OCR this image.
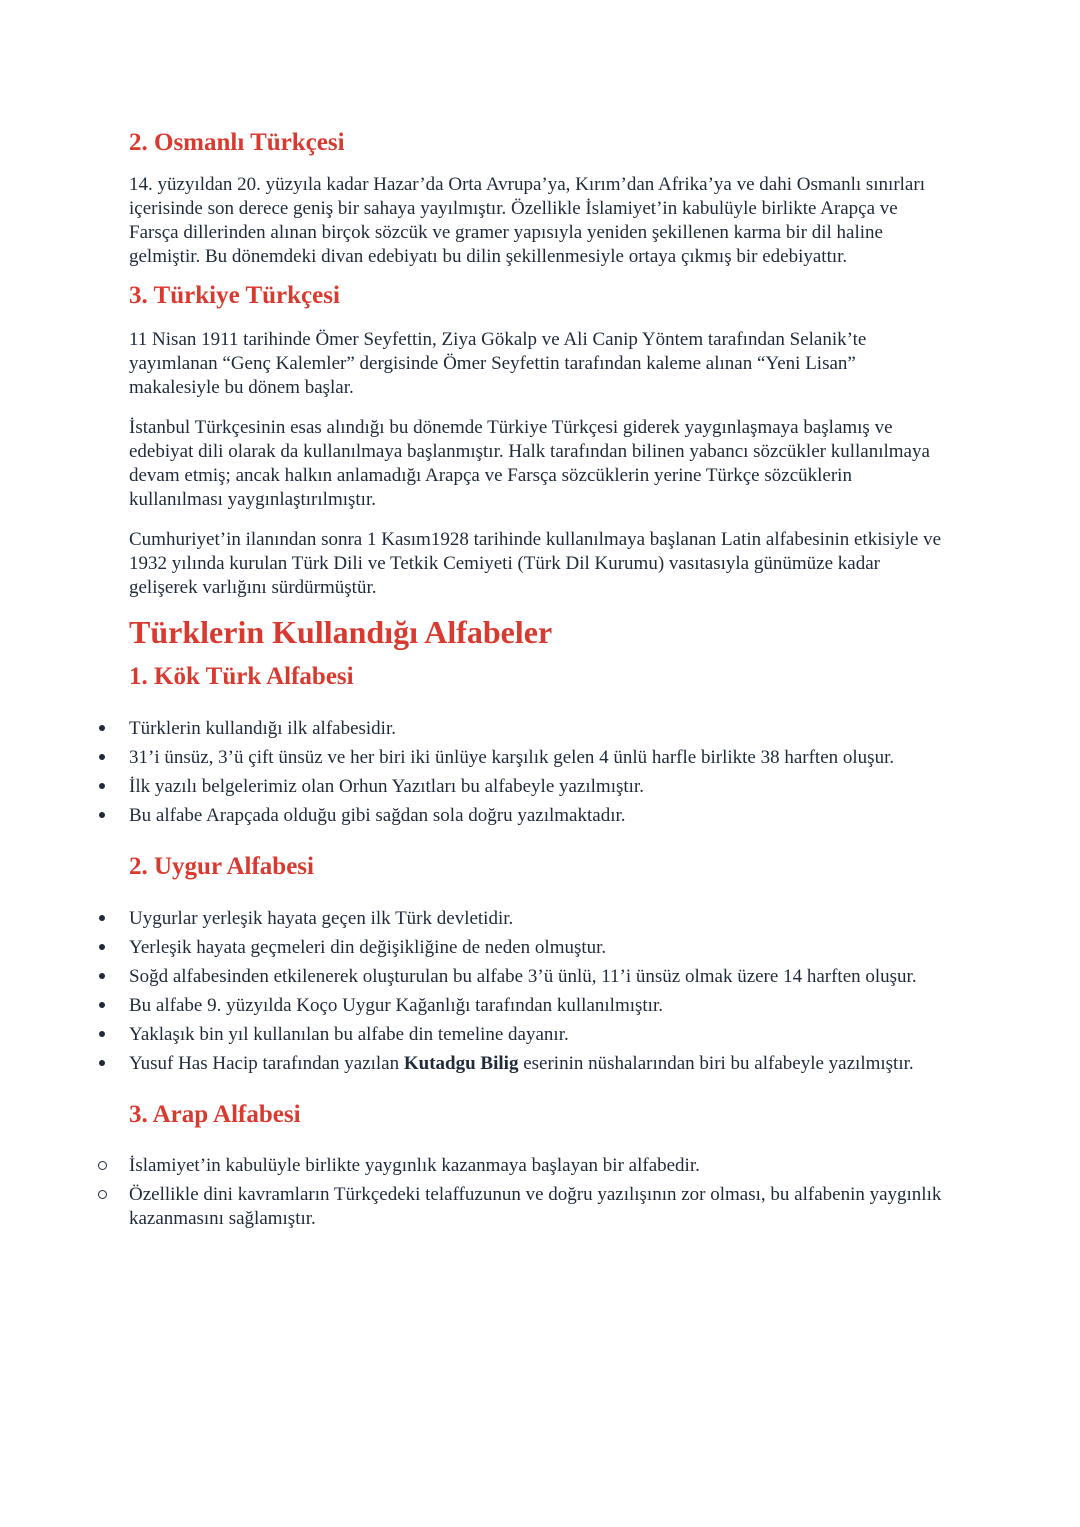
2. Osmanlı Türkçesi

14. yüzyıldan 20. yüzyıla kadar Hazar’da Orta Avrupa’ya, Kırım’dan Afrika’ya ve dahi Osmanlı sınırları içerisinde son derece geniş bir sahaya yayılmıştır. Özellikle İslamiyet’in kabulüyle birlikte Arapça ve Farsça dillerinden alınan birçok sözcük ve gramer yapısıyla yeniden şekillenen karma bir dil haline gelmiştir. Bu dönemdeki divan edebiyatı bu dilin şekillenmesiyle ortaya çıkmış bir edebiyattır.

3. Türkiye Türkçesi

11 Nisan 1911 tarihinde Ömer Seyfettin, Ziya Gökalp ve Ali Canip Yöntem tarafından Selanik’te yayımlanan “Genç Kalemler” dergisinde Ömer Seyfettin tarafından kaleme alınan “Yeni Lisan” makalesiyle bu dönem başlar.

İstanbul Türkçesinin esas alındığı bu dönemde Türkiye Türkçesi giderek yaygınlaşmaya başlamış ve edebiyat dili olarak da kullanılmaya başlanmıştır. Halk tarafından bilinen yabancı sözcükler kullanılmaya devam etmiş; ancak halkın anlamadığı Arapça ve Farsça sözcüklerin yerine Türkçe sözcüklerin kullanılması yaygınlaştırılmıştır.

Cumhuriyet’in ilanından sonra 1 Kasım1928 tarihinde kullanılmaya başlanan Latin alfabesinin etkisiyle ve 1932 yılında kurulan Türk Dili ve Tetkik Cemiyeti (Türk Dil Kurumu) vasıtasıyla günümüze kadar gelişerek varlığını sürdürmüştür.

Türklerin Kullandığı Alfabeler
1. Kök Türk Alfabesi
Türklerin kullandığı ilk alfabesidir.
31’i ünsüz, 3’ü çift ünsüz ve her biri iki ünlüye karşılık gelen 4 ünlü harfle birlikte 38 harften oluşur.
İlk yazılı belgelerimiz olan Orhun Yazıtları bu alfabeyle yazılmıştır.
Bu alfabe Arapçada olduğu gibi sağdan sola doğru yazılmaktadır.
2. Uygur Alfabesi
Uygurlar yerleşik hayata geçen ilk Türk devletidir.
Yerleşik hayata geçmeleri din değişikliğine de neden olmuştur.
Soğd alfabesinden etkilenerek oluşturulan bu alfabe 3’ü ünlü, 11’i ünsüz olmak üzere 14 harften oluşur.
Bu alfabe 9. yüzyılda Koço Uygur Kağanlığı tarafından kullanılmıştır.
Yaklaşık bin yıl kullanılan bu alfabe din temeline dayanır.
Yusuf Has Hacip tarafından yazılan Kutadgu Bilig eserinin nüshalarından biri bu alfabeyle yazılmıştır.
3. Arap Alfabesi
İslamiyet’in kabulüyle birlikte yaygınlık kazanmaya başlayan bir alfabedir.
Özellikle dini kavramların Türkçedeki telaffuzunun ve doğru yazılışının zor olması, bu alfabenin yaygınlık kazanmasını sağlamıştır.
